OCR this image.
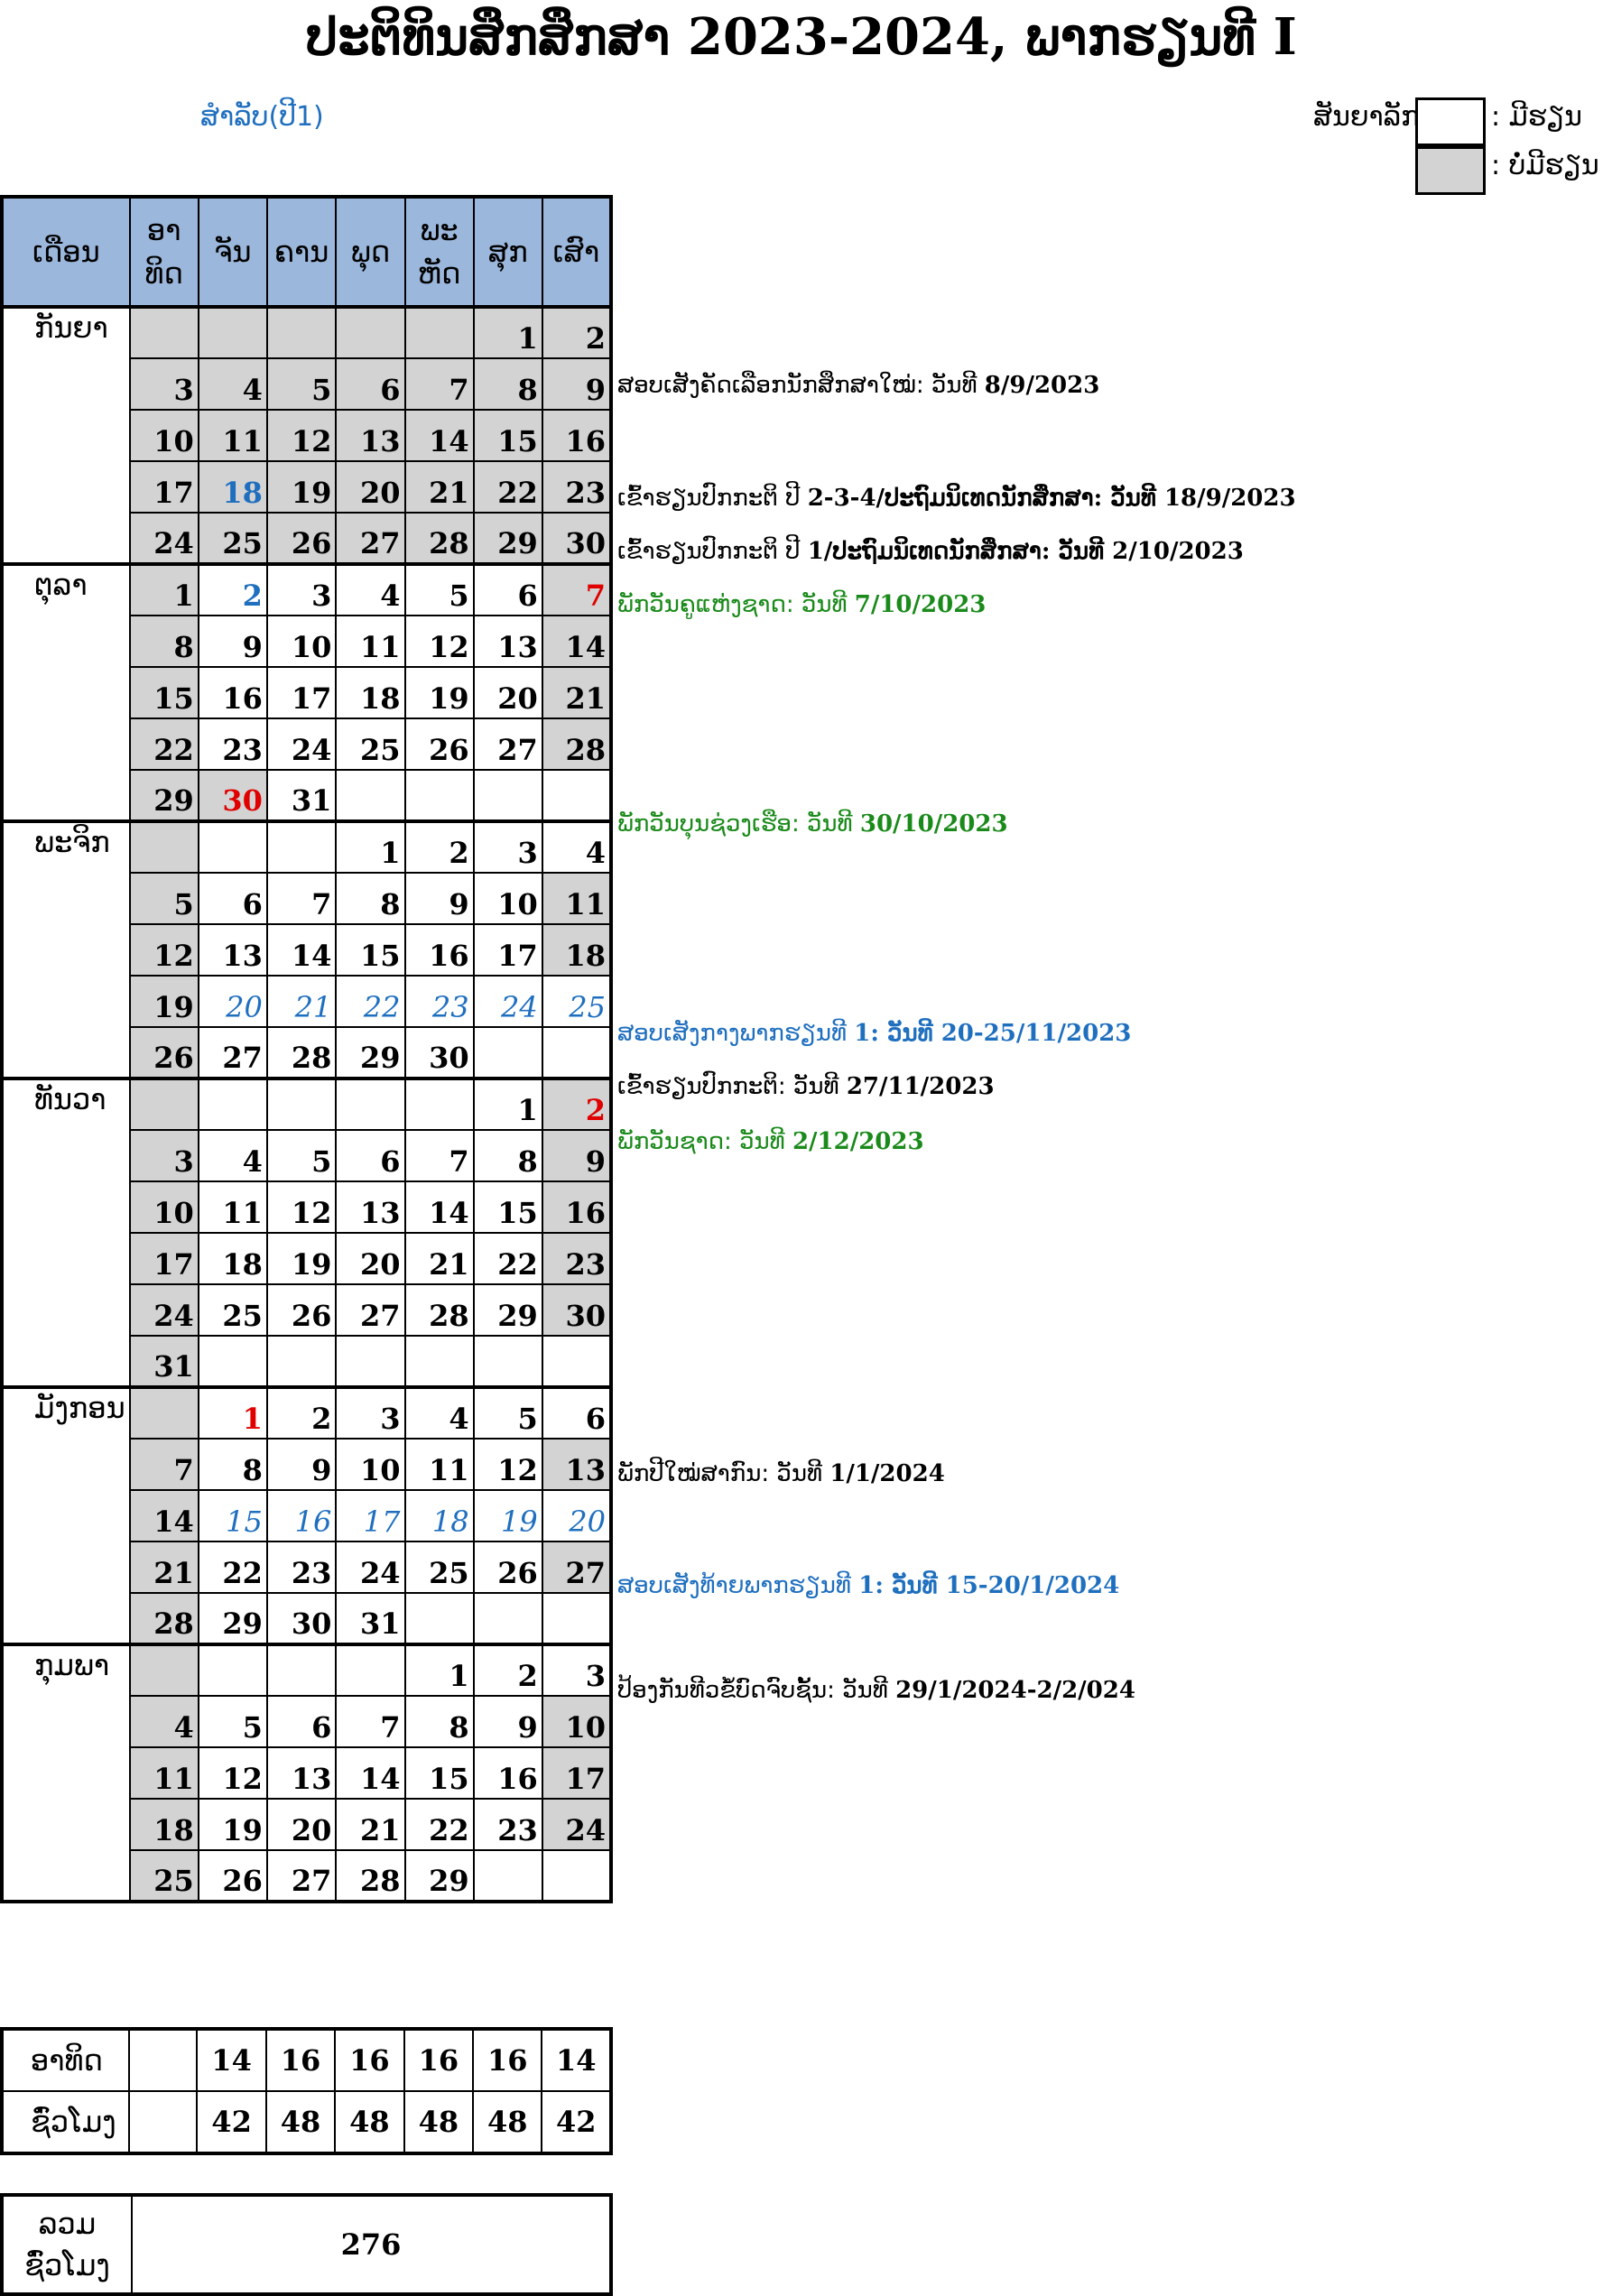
ປະຕິທິນສຶກສຶກສາ 2023-2024, ພາກຮຽນທີ I
ສຳລັບ(ປີ1)	ສັນຍາລັກ	: ມີຮຽນ
: ບໍ່ມີຮຽນ
ເດືອນ	ອາ
ທິດ	ຈັນ	ຄານ	ພຸດ	ພະ
ຫັດ	ສຸກ	ເສົາ
ກັນຍາ						1	2
	3	4	5	6	7	8	9
	10	11	12	13	14	15	16
	17	18	19	20	21	22	23
	24	25	26	27	28	29	30
ຕຸລາ	1	2	3	4	5	6	7
	8	9	10	11	12	13	14
	15	16	17	18	19	20	21
	22	23	24	25	26	27	28
	29	30	31				
ພະຈິກ				1	2	3	4
	5	6	7	8	9	10	11
	12	13	14	15	16	17	18
	19	20	21	22	23	24	25
	26	27	28	29	30		
ທັນວາ						1	2
	3	4	5	6	7	8	9
	10	11	12	13	14	15	16
	17	18	19	20	21	22	23
	24	25	26	27	28	29	30
	31						
ມັງກອນ		1	2	3	4	5	6
	7	8	9	10	11	12	13
	14	15	16	17	18	19	20
	21	22	23	24	25	26	27
	28	29	30	31			
ກຸມພາ					1	2	3
	4	5	6	7	8	9	10
	11	12	13	14	15	16	17
	18	19	20	21	22	23	24
	25	26	27	28	29		
ສອບເສັງຄັດເລືອກນັກສຶກສາໃໝ່: ວັນທີ 8/9/2023
ເຂົ້າຮຽນປົກກະຕິ ປີ 2-3-4/ປະຖົມນິເທດນັກສຶກສາ: ວັນທີ 18/9/2023
ເຂົ້າຮຽນປົກກະຕິ ປີ 1/ປະຖົມນິເທດນັກສຶກສາ: ວັນທີ 2/10/2023
ພັກວັນຄູແຫ່ງຊາດ: ວັນທີ 7/10/2023
ພັກວັນບຸນຊ່ວງເຮືອ: ວັນທີ 30/10/2023
ສອບເສັງກາງພາກຮຽນທີ 1: ວັນທີ 20-25/11/2023
ເຂົ້າຮຽນປົກກະຕິ: ວັນທີ 27/11/2023
ພັກວັນຊາດ: ວັນທີ 2/12/2023
ພັກປີໃໝ່ສາກົນ: ວັນທີ 1/1/2024
ສອບເສັງທ້າຍພາກຮຽນທີ 1: ວັນທີ 15-20/1/2024
ປ້ອງກັນທີວຂໍ້ບົດຈົບຊັ້ນ: ວັນທີ 29/1/2024-2/2/024
ອາທິດ		14	16	16	16	16	14
ຊົ່ວໂມງ		42	48	48	48	48	42
ລວມ
ຊົ່ວໂມງ	276
